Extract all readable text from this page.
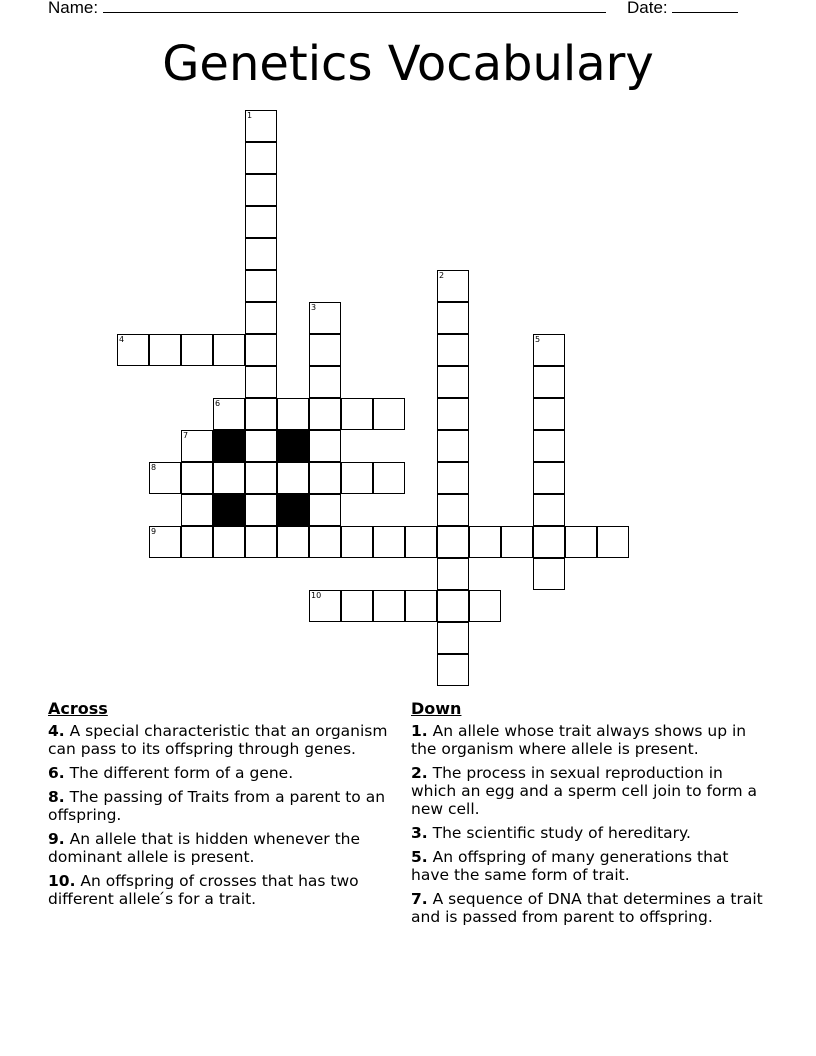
Name:	Date:
Genetics Vocabulary
1
2
3
4	5
6
7
8
9
10
Across
4. A special characteristic that an organism can pass to its offspring through genes.
6. The different form of a gene.
8. The passing of Traits from a parent to an offspring.
9. An allele that is hidden whenever the dominant allele is present.
10. An offspring of crosses that has two different allele ́s for a trait.
Down
1. An allele whose trait always shows up in the organism where allele is present.
2. The process in sexual reproduction in which an egg and a sperm cell join to form a new cell.
3. The scientific study of hereditary.
5. An offspring of many generations that have the same form of trait.
7. A sequence of DNA that determines a trait and is passed from parent to offspring.
